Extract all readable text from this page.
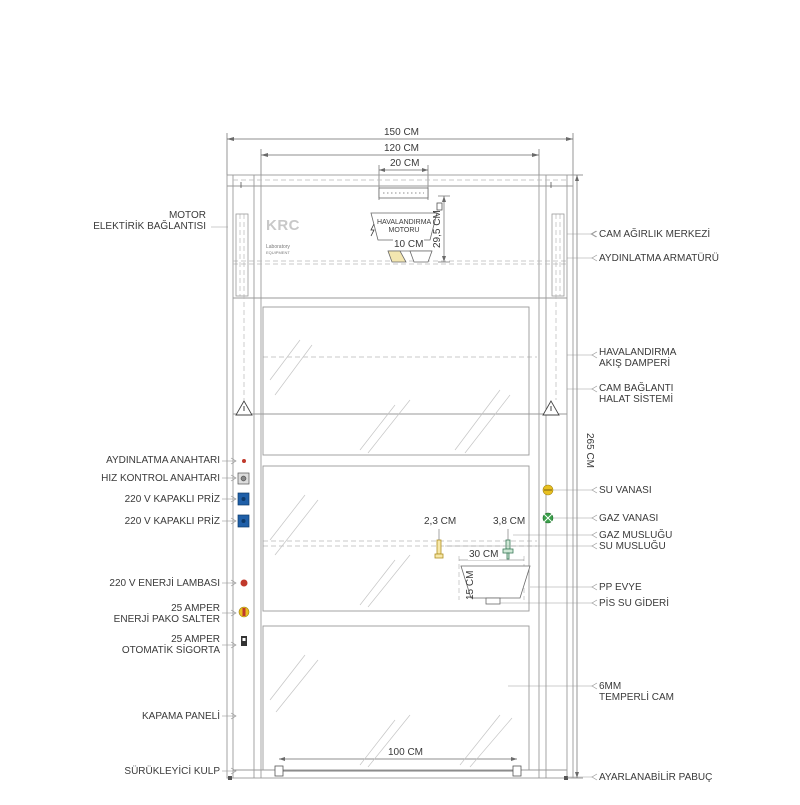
150 CM
120 CM
20 CM
10 CM 29,5 CM
265 CM
100 CM
2,3 CM	3,8 CM
30 CM
15 CM
HAVALANDIRMA
MOTORU
KRC
Laboratory
EQUIPMENT
MOTOR
ELEKTİRİK BAĞLANTISI
AYDINLATMA ANAHTARI
HIZ KONTROL ANAHTARI
220 V KAPAKLI PRİZ
220 V KAPAKLI PRİZ
220 V ENERJİ LAMBASI
25 AMPER
ENERJİ PAKO SALTER
25 AMPER
OTOMATİK SİGORTA
KAPAMA PANELİ
SÜRÜKLEYİCİ KULP
CAM AĞIRLIK MERKEZİ
AYDINLATMA ARMATÜRÜ
HAVALANDIRMA
AKIŞ DAMPERİ
CAM BAĞLANTI
HALAT SİSTEMİ
SU VANASI
GAZ VANASI
GAZ MUSLUĞU
SU MUSLUĞU
PP EVYE
PİS SU GİDERİ
6MM
TEMPERLİ CAM
AYARLANABİLİR PABUÇ
